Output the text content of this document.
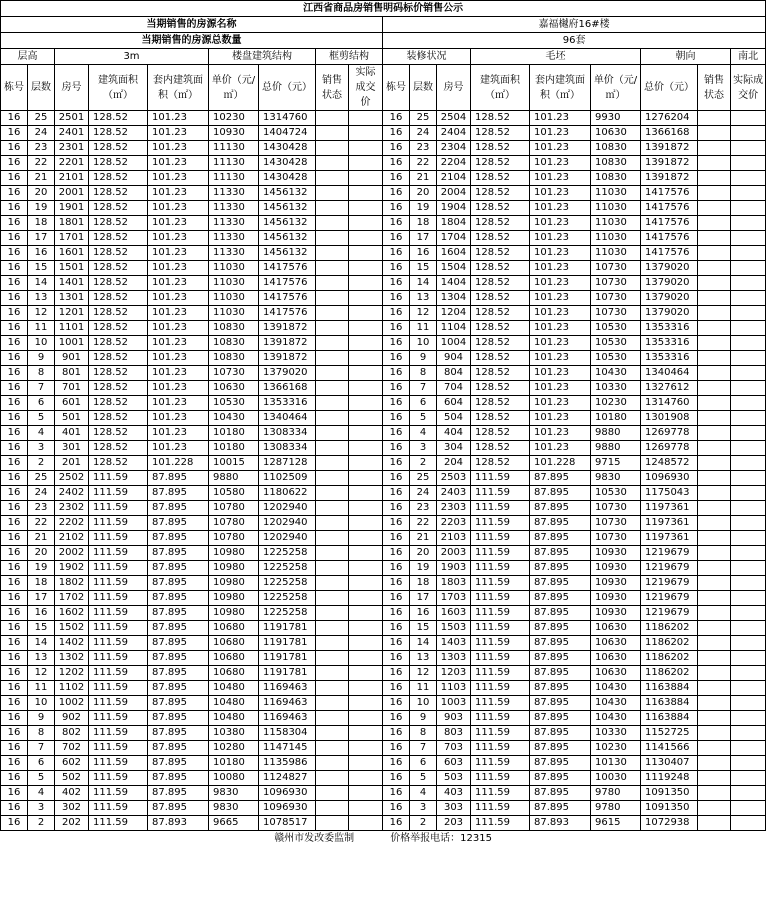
江西省商品房销售明码标价销售公示																	
当期销售的房源名称									嘉福樾府16#楼								
当期销售的房源总数量									96套								
层高		3m			楼盘建筑结构		框剪结构		装修状况			毛坯			朝向		南北
栋号	层数	房号	建筑面积（㎡）	套内建筑面积（㎡）	单价（元/㎡）	总价（元）	销售状态	实际成交价	栋号	层数	房号	建筑面积（㎡）	套内建筑面积（㎡）	单价（元/㎡）	总价（元）	销售状态	实际成交价
16	25	2501	128.52	101.23	10230	1314760			16	25	2504	128.52	101.23	9930	1276204		
16	24	2401	128.52	101.23	10930	1404724			16	24	2404	128.52	101.23	10630	1366168		
16	23	2301	128.52	101.23	11130	1430428			16	23	2304	128.52	101.23	10830	1391872		
16	22	2201	128.52	101.23	11130	1430428			16	22	2204	128.52	101.23	10830	1391872		
16	21	2101	128.52	101.23	11130	1430428			16	21	2104	128.52	101.23	10830	1391872		
16	20	2001	128.52	101.23	11330	1456132			16	20	2004	128.52	101.23	11030	1417576		
16	19	1901	128.52	101.23	11330	1456132			16	19	1904	128.52	101.23	11030	1417576		
16	18	1801	128.52	101.23	11330	1456132			16	18	1804	128.52	101.23	11030	1417576		
16	17	1701	128.52	101.23	11330	1456132			16	17	1704	128.52	101.23	11030	1417576		
16	16	1601	128.52	101.23	11330	1456132			16	16	1604	128.52	101.23	11030	1417576		
16	15	1501	128.52	101.23	11030	1417576			16	15	1504	128.52	101.23	10730	1379020		
16	14	1401	128.52	101.23	11030	1417576			16	14	1404	128.52	101.23	10730	1379020		
16	13	1301	128.52	101.23	11030	1417576			16	13	1304	128.52	101.23	10730	1379020		
16	12	1201	128.52	101.23	11030	1417576			16	12	1204	128.52	101.23	10730	1379020		
16	11	1101	128.52	101.23	10830	1391872			16	11	1104	128.52	101.23	10530	1353316		
16	10	1001	128.52	101.23	10830	1391872			16	10	1004	128.52	101.23	10530	1353316		
16	9	901	128.52	101.23	10830	1391872			16	9	904	128.52	101.23	10530	1353316		
16	8	801	128.52	101.23	10730	1379020			16	8	804	128.52	101.23	10430	1340464		
16	7	701	128.52	101.23	10630	1366168			16	7	704	128.52	101.23	10330	1327612		
16	6	601	128.52	101.23	10530	1353316			16	6	604	128.52	101.23	10230	1314760		
16	5	501	128.52	101.23	10430	1340464			16	5	504	128.52	101.23	10180	1301908		
16	4	401	128.52	101.23	10180	1308334			16	4	404	128.52	101.23	9880	1269778		
16	3	301	128.52	101.23	10180	1308334			16	3	304	128.52	101.23	9880	1269778		
16	2	201	128.52	101.228	10015	1287128			16	2	204	128.52	101.228	9715	1248572		
16	25	2502	111.59	87.895	9880	1102509			16	25	2503	111.59	87.895	9830	1096930		
16	24	2402	111.59	87.895	10580	1180622			16	24	2403	111.59	87.895	10530	1175043		
16	23	2302	111.59	87.895	10780	1202940			16	23	2303	111.59	87.895	10730	1197361		
16	22	2202	111.59	87.895	10780	1202940			16	22	2203	111.59	87.895	10730	1197361		
16	21	2102	111.59	87.895	10780	1202940			16	21	2103	111.59	87.895	10730	1197361		
16	20	2002	111.59	87.895	10980	1225258			16	20	2003	111.59	87.895	10930	1219679		
16	19	1902	111.59	87.895	10980	1225258			16	19	1903	111.59	87.895	10930	1219679		
16	18	1802	111.59	87.895	10980	1225258			16	18	1803	111.59	87.895	10930	1219679		
16	17	1702	111.59	87.895	10980	1225258			16	17	1703	111.59	87.895	10930	1219679		
16	16	1602	111.59	87.895	10980	1225258			16	16	1603	111.59	87.895	10930	1219679		
16	15	1502	111.59	87.895	10680	1191781			16	15	1503	111.59	87.895	10630	1186202		
16	14	1402	111.59	87.895	10680	1191781			16	14	1403	111.59	87.895	10630	1186202		
16	13	1302	111.59	87.895	10680	1191781			16	13	1303	111.59	87.895	10630	1186202		
16	12	1202	111.59	87.895	10680	1191781			16	12	1203	111.59	87.895	10630	1186202		
16	11	1102	111.59	87.895	10480	1169463			16	11	1103	111.59	87.895	10430	1163884		
16	10	1002	111.59	87.895	10480	1169463			16	10	1003	111.59	87.895	10430	1163884		
16	9	902	111.59	87.895	10480	1169463			16	9	903	111.59	87.895	10430	1163884		
16	8	802	111.59	87.895	10380	1158304			16	8	803	111.59	87.895	10330	1152725		
16	7	702	111.59	87.895	10280	1147145			16	7	703	111.59	87.895	10230	1141566		
16	6	602	111.59	87.895	10180	1135986			16	6	603	111.59	87.895	10130	1130407		
16	5	502	111.59	87.895	10080	1124827			16	5	503	111.59	87.895	10030	1119248		
16	4	402	111.59	87.895	9830	1096930			16	4	403	111.59	87.895	9780	1091350		
16	3	302	111.59	87.895	9830	1096930			16	3	303	111.59	87.895	9780	1091350		
16	2	202	111.59	87.893	9665	1078517			16	2	203	111.59	87.893	9615	1072938		
赣州市发改委监制 价格举报电话：12315																	
